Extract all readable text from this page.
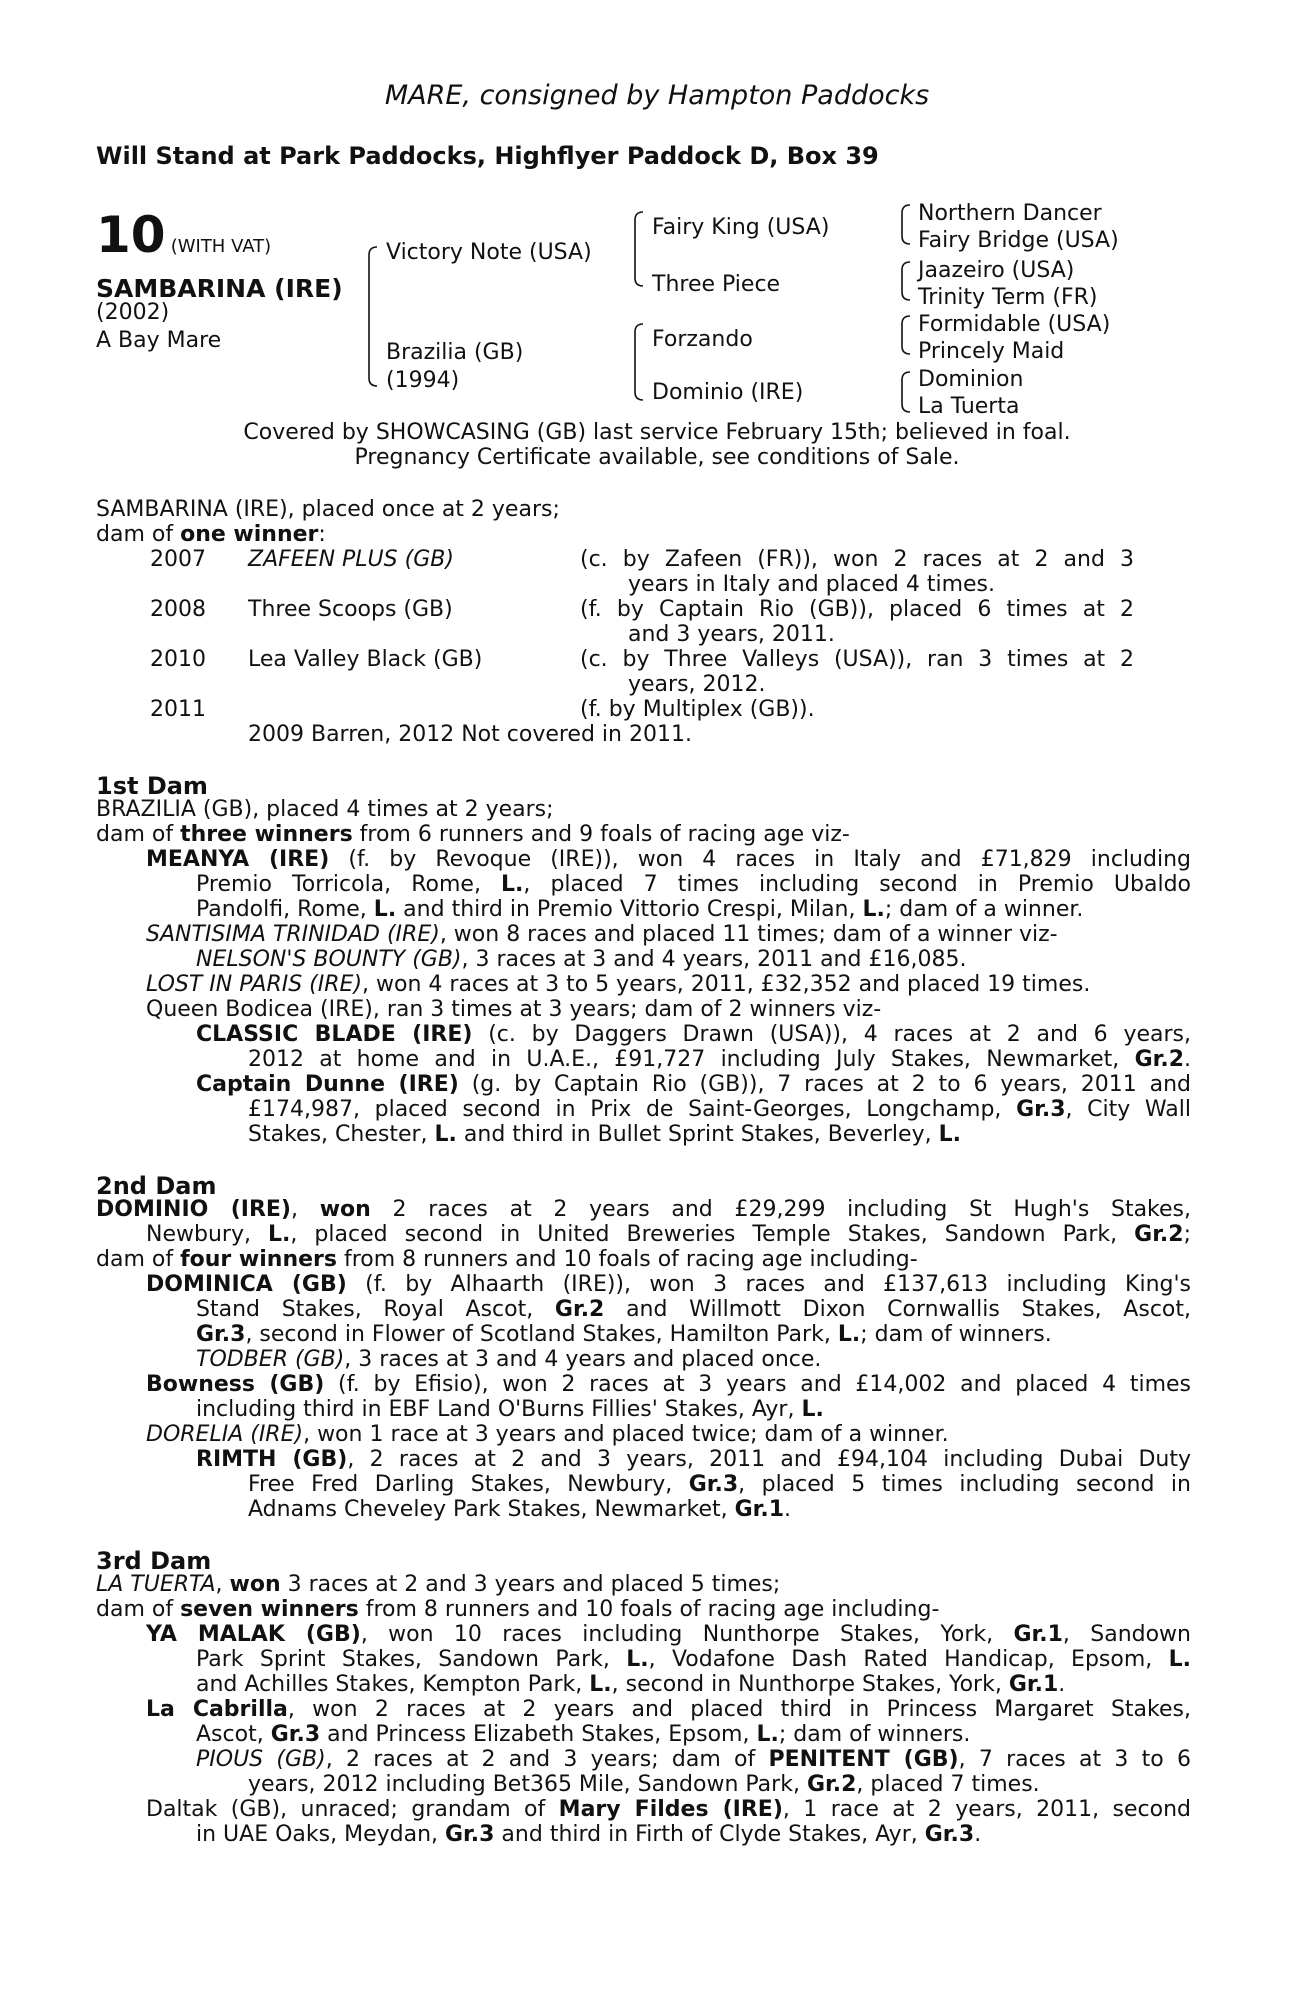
MARE, consigned by Hampton Paddocks
Will Stand at Park Paddocks, Highflyer Paddock D, Box 39
10 (WITH VAT)
SAMBARINA (IRE)
(2002)
A Bay Mare
Victory Note (USA)
Brazilia (GB)
(1994)
Fairy King (USA)
Three Piece
Forzando
Dominio (IRE)
Northern Dancer
Fairy Bridge (USA)
Jaazeiro (USA)
Trinity Term (FR)
Formidable (USA)
Princely Maid
Dominion
La Tuerta
Covered by SHOWCASING (GB) last service February 15th; believed in foal.
Pregnancy Certificate available, see conditions of Sale.
SAMBARINA (IRE), placed once at 2 years;
dam of one winner:
2007 ZAFEEN PLUS (GB)	(c. by Zafeen (FR)), won 2 races at 2 and 3
years in Italy and placed 4 times.
2008 Three Scoops (GB)	(f. by Captain Rio (GB)), placed 6 times at 2
and 3 years, 2011.
2010 Lea Valley Black (GB)	(c. by Three Valleys (USA)), ran 3 times at 2
years, 2012.
2011	(f. by Multiplex (GB)).
2009 Barren, 2012 Not covered in 2011.
1st Dam
BRAZILIA (GB), placed 4 times at 2 years;
dam of three winners from 6 runners and 9 foals of racing age viz-
MEANYA (IRE) (f. by Revoque (IRE)), won 4 races in Italy and £71,829 including
Premio Torricola, Rome, L., placed 7 times including second in Premio Ubaldo
Pandolfi, Rome, L. and third in Premio Vittorio Crespi, Milan, L.; dam of a winner.
SANTISIMA TRINIDAD (IRE), won 8 races and placed 11 times; dam of a winner viz-
NELSON'S BOUNTY (GB), 3 races at 3 and 4 years, 2011 and £16,085.
LOST IN PARIS (IRE), won 4 races at 3 to 5 years, 2011, £32,352 and placed 19 times.
Queen Bodicea (IRE), ran 3 times at 3 years; dam of 2 winners viz-
CLASSIC BLADE (IRE) (c. by Daggers Drawn (USA)), 4 races at 2 and 6 years,
2012 at home and in U.A.E., £91,727 including July Stakes, Newmarket, Gr.2.
Captain Dunne (IRE) (g. by Captain Rio (GB)), 7 races at 2 to 6 years, 2011 and
£174,987, placed second in Prix de Saint-Georges, Longchamp, Gr.3, City Wall
Stakes, Chester, L. and third in Bullet Sprint Stakes, Beverley, L.
2nd Dam
DOMINIO (IRE), won 2 races at 2 years and £29,299 including St Hugh's Stakes,
Newbury, L., placed second in United Breweries Temple Stakes, Sandown Park, Gr.2;
dam of four winners from 8 runners and 10 foals of racing age including-
DOMINICA (GB) (f. by Alhaarth (IRE)), won 3 races and £137,613 including King's
Stand Stakes, Royal Ascot, Gr.2 and Willmott Dixon Cornwallis Stakes, Ascot,
Gr.3, second in Flower of Scotland Stakes, Hamilton Park, L.; dam of winners.
TODBER (GB), 3 races at 3 and 4 years and placed once.
Bowness (GB) (f. by Efisio), won 2 races at 3 years and £14,002 and placed 4 times
including third in EBF Land O'Burns Fillies' Stakes, Ayr, L.
DORELIA (IRE), won 1 race at 3 years and placed twice; dam of a winner.
RIMTH (GB), 2 races at 2 and 3 years, 2011 and £94,104 including Dubai Duty
Free Fred Darling Stakes, Newbury, Gr.3, placed 5 times including second in
Adnams Cheveley Park Stakes, Newmarket, Gr.1.
3rd Dam
LA TUERTA, won 3 races at 2 and 3 years and placed 5 times;
dam of seven winners from 8 runners and 10 foals of racing age including-
YA MALAK (GB), won 10 races including Nunthorpe Stakes, York, Gr.1, Sandown
Park Sprint Stakes, Sandown Park, L., Vodafone Dash Rated Handicap, Epsom, L.
and Achilles Stakes, Kempton Park, L., second in Nunthorpe Stakes, York, Gr.1.
La Cabrilla, won 2 races at 2 years and placed third in Princess Margaret Stakes,
Ascot, Gr.3 and Princess Elizabeth Stakes, Epsom, L.; dam of winners.
PIOUS (GB), 2 races at 2 and 3 years; dam of PENITENT (GB), 7 races at 3 to 6
years, 2012 including Bet365 Mile, Sandown Park, Gr.2, placed 7 times.
Daltak (GB), unraced; grandam of Mary Fildes (IRE), 1 race at 2 years, 2011, second
in UAE Oaks, Meydan, Gr.3 and third in Firth of Clyde Stakes, Ayr, Gr.3.
